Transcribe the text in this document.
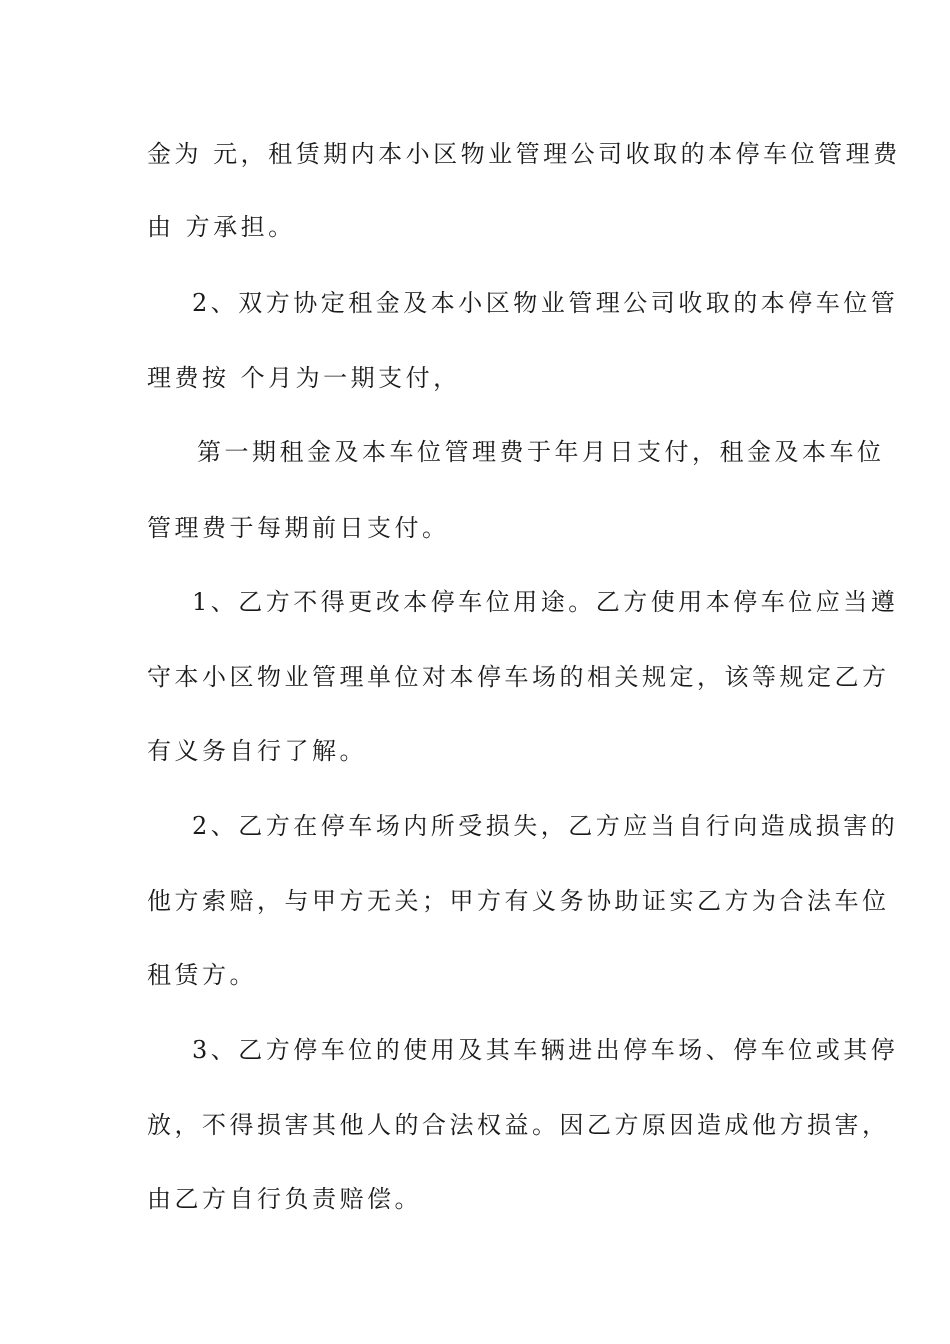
金为 元，租赁期内本小区物业管理公司收取的本停车位管理费
由 方承担。
2、双方协定租金及本小区物业管理公司收取的本停车位管
理费按 个月为一期支付，
第一期租金及本车位管理费于年月日支付，租金及本车位
管理费于每期前日支付。
1、乙方不得更改本停车位用途。乙方使用本停车位应当遵
守本小区物业管理单位对本停车场的相关规定，该等规定乙方
有义务自行了解。
2、乙方在停车场内所受损失，乙方应当自行向造成损害的
他方索赔，与甲方无关；甲方有义务协助证实乙方为合法车位
租赁方。
3、乙方停车位的使用及其车辆进出停车场、停车位或其停
放，不得损害其他人的合法权益。因乙方原因造成他方损害，
由乙方自行负责赔偿。
